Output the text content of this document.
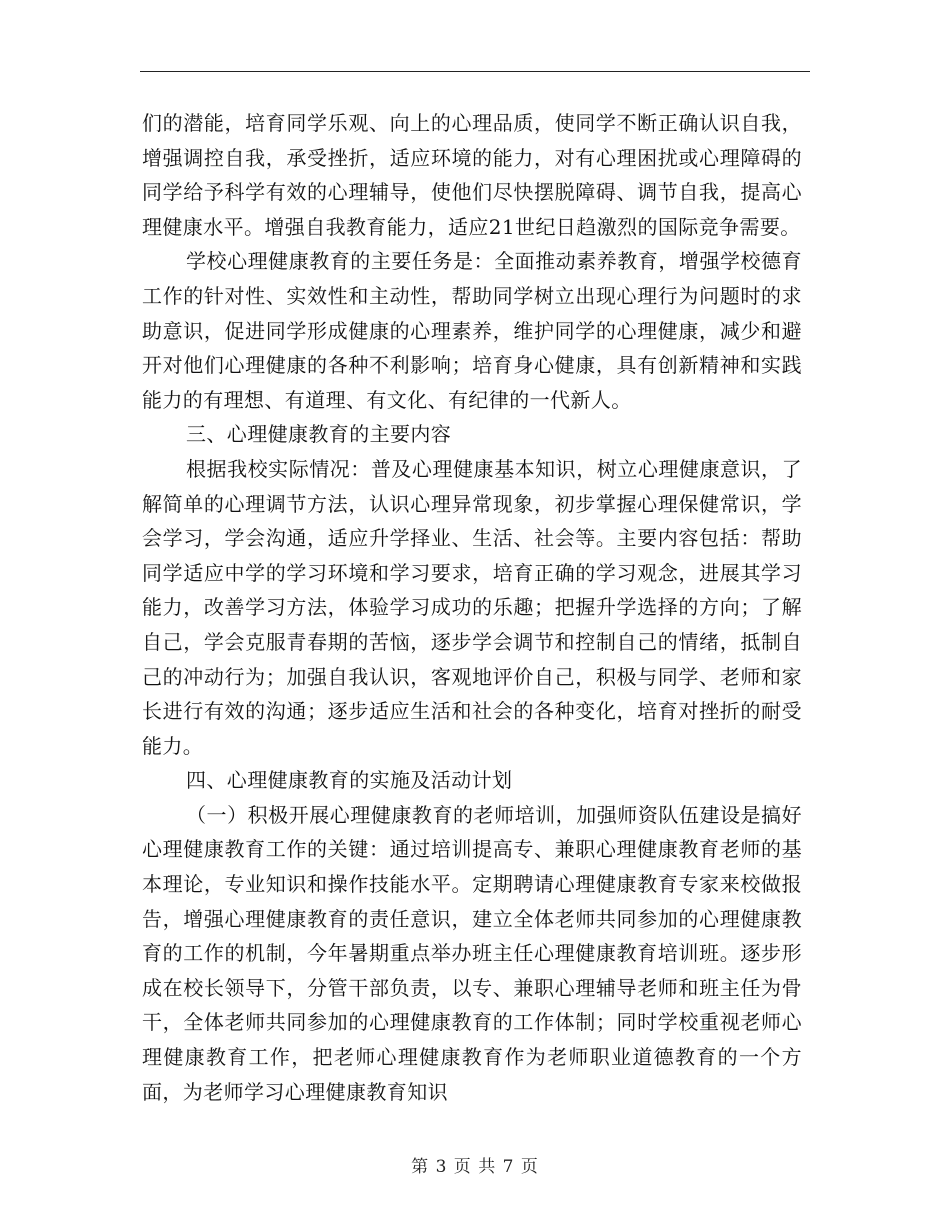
们的潜能，培育同学乐观、向上的心理品质，使同学不断正确认识自我，增强调控自我，承受挫折，适应环境的能力，对有心理困扰或心理障碍的同学给予科学有效的心理辅导，使他们尽快摆脱障碍、调节自我，提高心理健康水平。增强自我教育能力，适应21世纪日趋激烈的国际竞争需要。

学校心理健康教育的主要任务是：全面推动素养教育，增强学校德育工作的针对性、实效性和主动性，帮助同学树立出现心理行为问题时的求助意识，促进同学形成健康的心理素养，维护同学的心理健康，减少和避开对他们心理健康的各种不利影响；培育身心健康，具有创新精神和实践能力的有理想、有道理、有文化、有纪律的一代新人。

三、心理健康教育的主要内容

根据我校实际情况：普及心理健康基本知识，树立心理健康意识，了解简单的心理调节方法，认识心理异常现象，初步掌握心理保健常识，学会学习，学会沟通，适应升学择业、生活、社会等。主要内容包括：帮助同学适应中学的学习环境和学习要求，培育正确的学习观念，进展其学习能力，改善学习方法，体验学习成功的乐趣；把握升学选择的方向；了解自己，学会克服青春期的苦恼，逐步学会调节和控制自己的情绪，抵制自己的冲动行为；加强自我认识，客观地评价自己，积极与同学、老师和家长进行有效的沟通；逐步适应生活和社会的各种变化，培育对挫折的耐受能力。

四、心理健康教育的实施及活动计划

（一）积极开展心理健康教育的老师培训，加强师资队伍建设是搞好心理健康教育工作的关键：通过培训提高专、兼职心理健康教育老师的基本理论，专业知识和操作技能水平。定期聘请心理健康教育专家来校做报告，增强心理健康教育的责任意识，建立全体老师共同参加的心理健康教育的工作的机制，今年暑期重点举办班主任心理健康教育培训班。逐步形成在校长领导下，分管干部负责，以专、兼职心理辅导老师和班主任为骨干，全体老师共同参加的心理健康教育的工作体制；同时学校重视老师心理健康教育工作，把老师心理健康教育作为老师职业道德教育的一个方面，为老师学习心理健康教育知识

第 3 页 共 7 页
